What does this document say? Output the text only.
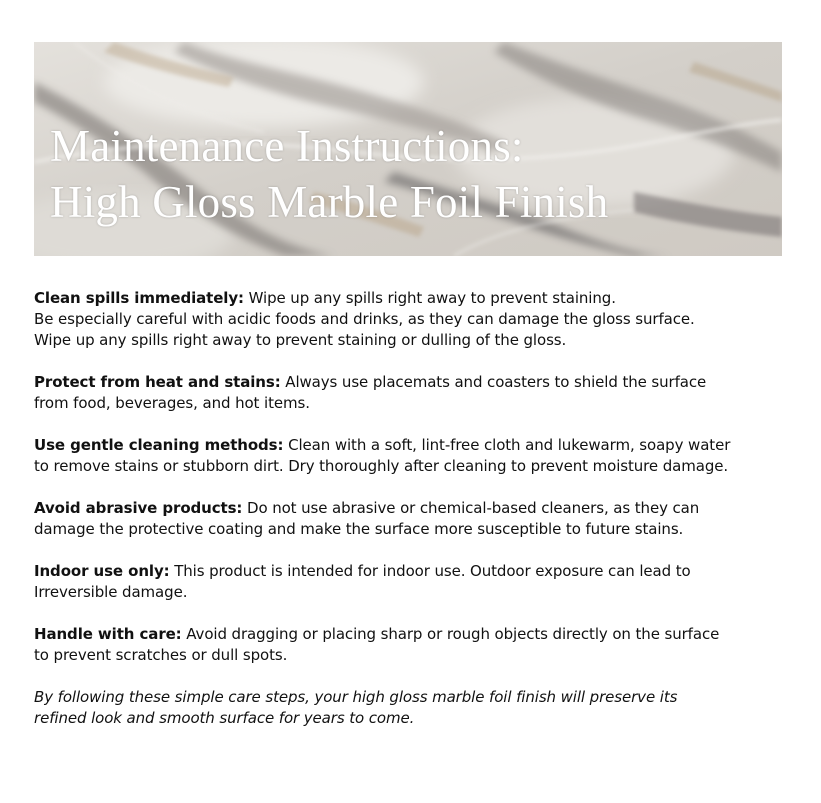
Maintenance Instructions:
High Gloss Marble Foil Finish
Clean spills immediately: Wipe up any spills right away to prevent staining.
Be especially careful with acidic foods and drinks, as they can damage the gloss surface.
Wipe up any spills right away to prevent staining or dulling of the gloss.
Protect from heat and stains: Always use placemats and coasters to shield the surface
from food, beverages, and hot items.
Use gentle cleaning methods: Clean with a soft, lint-free cloth and lukewarm, soapy water
to remove stains or stubborn dirt. Dry thoroughly after cleaning to prevent moisture damage.
Avoid abrasive products: Do not use abrasive or chemical-based cleaners, as they can
damage the protective coating and make the surface more susceptible to future stains.
Indoor use only: This product is intended for indoor use. Outdoor exposure can lead to
Irreversible damage.
Handle with care: Avoid dragging or placing sharp or rough objects directly on the surface
to prevent scratches or dull spots.

By following these simple care steps, your high gloss marble foil finish will preserve its
refined look and smooth surface for years to come.
